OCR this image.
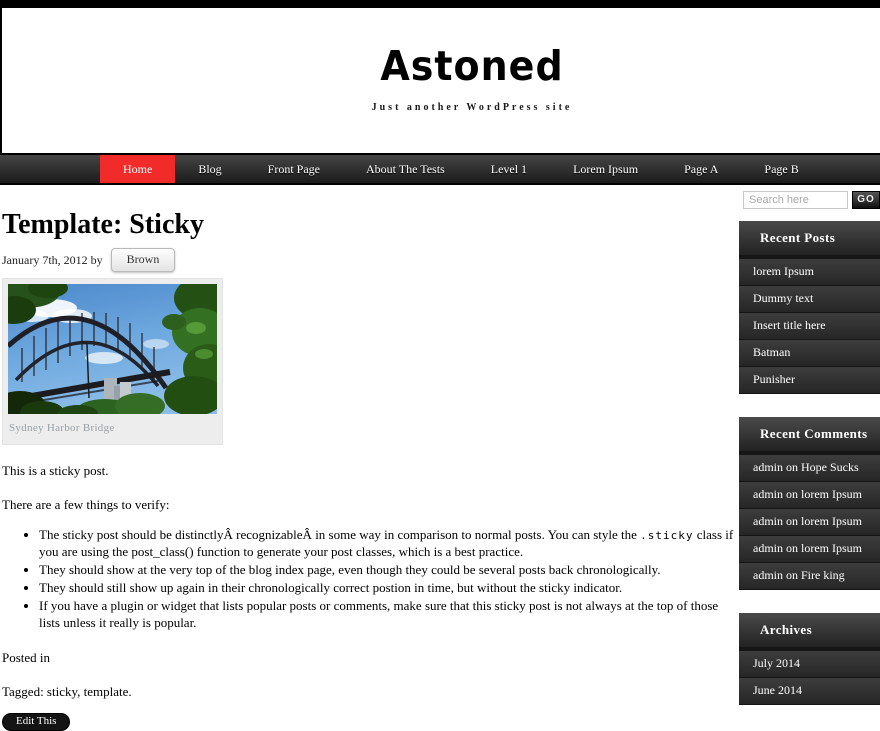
Astoned

Just another WordPress site

Home	Blog	Front Page	About The Tests	Level 1	Lorem Ipsum	Page A	Page B
Search here
GO
Template: Sticky
January 7th, 2012 by	Brown
Sydney Harbor Bridge

This is a sticky post.

There are a few things to verify:

• The sticky post should be distinctlyÂ recognizableÂ in some way in comparison to normal posts. You can style the .sticky class if you are using the post_class() function to generate your post classes, which is a best practice.
• They should show at the very top of the blog index page, even though they could be several posts back chronologically.
• They should still show up again in their chronologically correct postion in time, but without the sticky indicator.
• If you have a plugin or widget that lists popular posts or comments, make sure that this sticky post is not always at the top of those lists unless it really is popular.

Posted in

Tagged: sticky, template.

Edit This
Recent Posts
lorem Ipsum
Dummy text
Insert title here
Batman
Punisher
Recent Comments
admin on Hope Sucks
admin on lorem Ipsum
admin on lorem Ipsum
admin on lorem Ipsum
admin on Fire king
Archives
July 2014
June 2014
